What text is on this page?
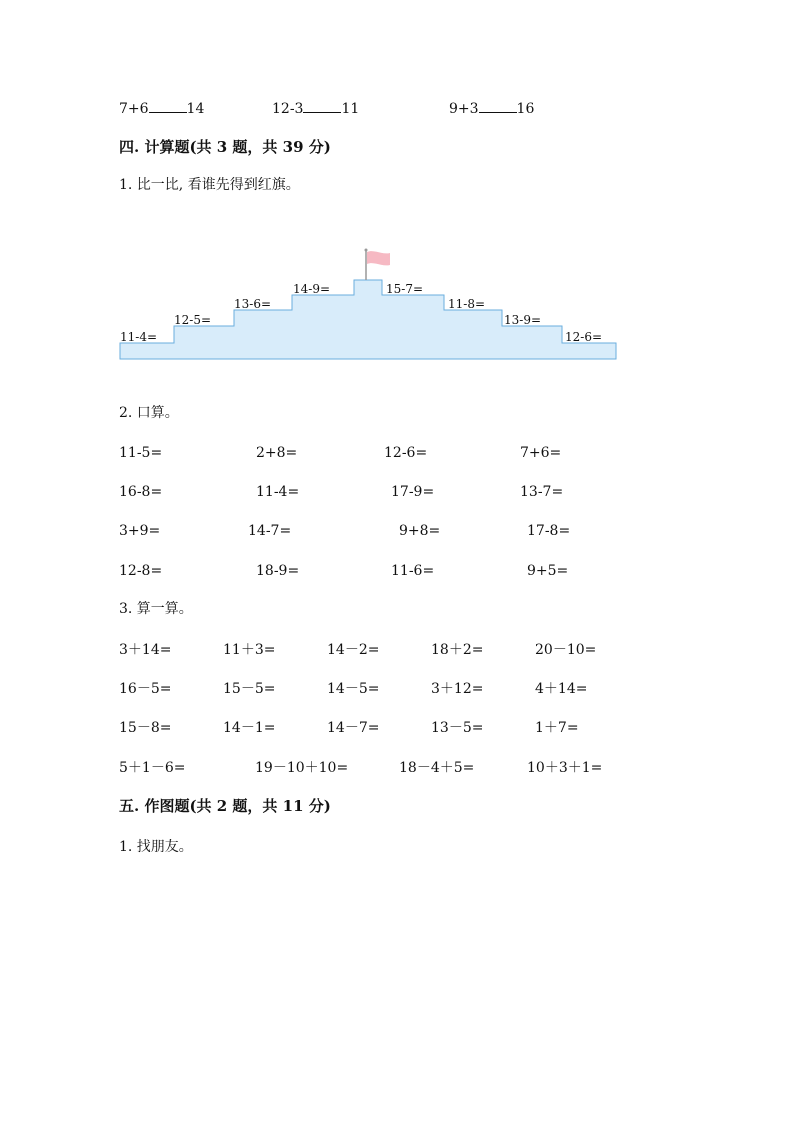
7+6	14	12-3	11	9+3	16
四. 计算题(共 3 题，共 39 分)
1. 比一比, 看谁先得到红旗。
11-4=
12-5=
13-6=
14-9=	15-7=
11-8=
13-9=
12-6=
2. 口算。
11-5=	2+8=	12-6=	7+6=
16-8=	11-4=	17-9=	13-7=
3+9=	14-7=	9+8=	17-8=
12-8=	18-9=	11-6=	9+5=
3. 算一算。
3＋14=	11＋3=	14－2=	18＋2=	20－10=
16－5=	15－5=	14－5=	3＋12=	4＋14=
15－8=	14－1=	14－7=	13－5=	1＋7=
5＋1－6=	19－10＋10=	18－4＋5=	10＋3＋1=
五. 作图题(共 2 题，共 11 分)
1. 找朋友。
